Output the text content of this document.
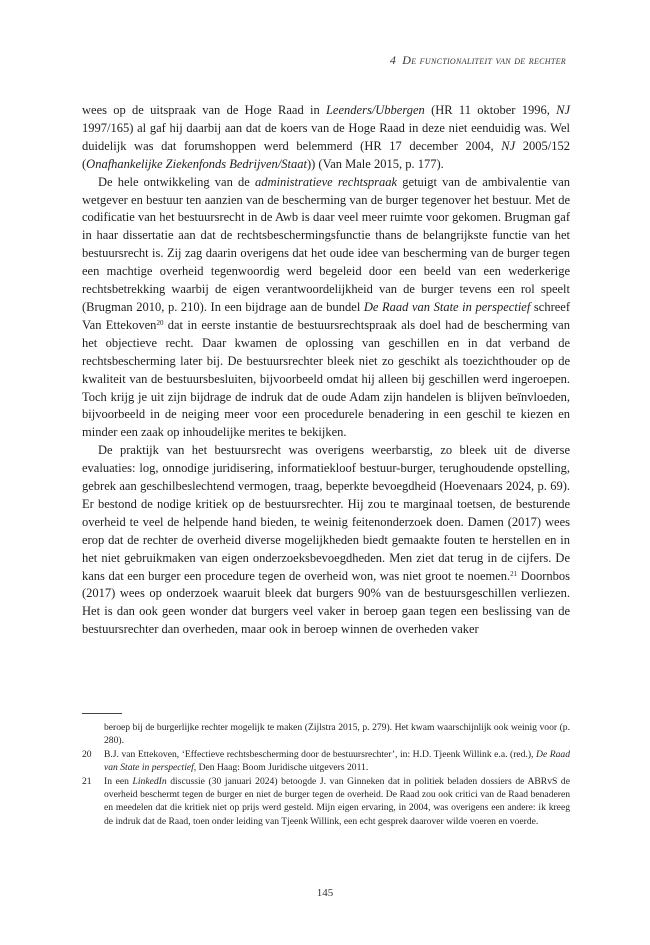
4 De functionaliteit van de rechter

wees op de uitspraak van de Hoge Raad in Leenders/Ubbergen (HR 11 oktober 1996, NJ 1997/165) al gaf hij daarbij aan dat de koers van de Hoge Raad in deze niet eenduidig was. Wel duidelijk was dat forumshoppen werd belemmerd (HR 17 december 2004, NJ 2005/152 (Onafhankelijke Ziekenfonds Bedrijven/Staat)) (Van Male 2015, p. 177).

De hele ontwikkeling van de administratieve rechtspraak getuigt van de ambivalentie van wetgever en bestuur ten aanzien van de bescherming van de burger tegenover het bestuur. Met de codificatie van het bestuursrecht in de Awb is daar veel meer ruimte voor gekomen. Brugman gaf in haar dissertatie aan dat de rechtsbeschermingsfunctie thans de belangrijkste functie van het bestuursrecht is. Zij zag daarin overigens dat het oude idee van bescherming van de burger tegen een machtige overheid tegenwoordig werd begeleid door een beeld van een wederkerige rechtsbetrekking waarbij de eigen verantwoordelijkheid van de burger tevens een rol speelt (Brugman 2010, p. 210). In een bijdrage aan de bundel De Raad van State in perspectief schreef Van Ettekoven$^{20}$ dat in eerste instantie de bestuursrechtspraak als doel had de bescherming van het objectieve recht. Daar kwamen de oplossing van geschillen en in dat verband de rechtsbescherming later bij. De bestuursrechter bleek niet zo geschikt als toezichthouder op de kwaliteit van de bestuursbesluiten, bijvoorbeeld omdat hij alleen bij geschillen werd ingeroepen. Toch krijg je uit zijn bijdrage de indruk dat de oude Adam zijn handelen is blijven beïnvloeden, bijvoorbeeld in de neiging meer voor een procedurele benadering in een geschil te kiezen en minder een zaak op inhoudelijke merites te bekijken.

De praktijk van het bestuursrecht was overigens weerbarstig, zo bleek uit de diverse evaluaties: log, onnodige juridisering, informatiekloof bestuur-burger, terughoudende opstelling, gebrek aan geschilbeslechtend vermogen, traag, beperkte bevoegdheid (Hoevenaars 2024, p. 69). Er bestond de nodige kritiek op de bestuursrechter. Hij zou te marginaal toetsen, de besturende overheid te veel de helpende hand bieden, te weinig feitenonderzoek doen. Damen (2017) wees erop dat de rechter de overheid diverse mogelijkheden biedt gemaakte fouten te herstellen en in het niet gebruikmaken van eigen onderzoeksbevoegdheden. Men ziet dat terug in de cijfers. De kans dat een burger een procedure tegen de overheid won, was niet groot te noemen.$^{21}$ Doornbos (2017) wees op onderzoek waaruit bleek dat burgers 90% van de bestuursgeschillen verliezen. Het is dan ook geen wonder dat burgers veel vaker in beroep gaan tegen een beslissing van de bestuursrechter dan overheden, maar ook in beroep winnen de overheden vaker

beroep bij de burgerlijke rechter mogelijk te maken (Zijlstra 2015, p. 279). Het kwam waarschijnlijk ook weinig voor (p. 280).

20 B.J. van Ettekoven, ‘Effectieve rechtsbescherming door de bestuursrechter’, in: H.D. Tjeenk Willink e.a. (red.), De Raad van State in perspectief, Den Haag: Boom Juridische uitgevers 2011.

21 In een LinkedIn discussie (30 januari 2024) betoogde J. van Ginneken dat in politiek beladen dossiers de ABRvS de overheid beschermt tegen de burger en niet de burger tegen de overheid. De Raad zou ook critici van de Raad benaderen en meedelen dat die kritiek niet op prijs werd gesteld. Mijn eigen ervaring, in 2004, was overigens een andere: ik kreeg de indruk dat de Raad, toen onder leiding van Tjeenk Willink, een echt gesprek daarover wilde voeren en voerde.

145
